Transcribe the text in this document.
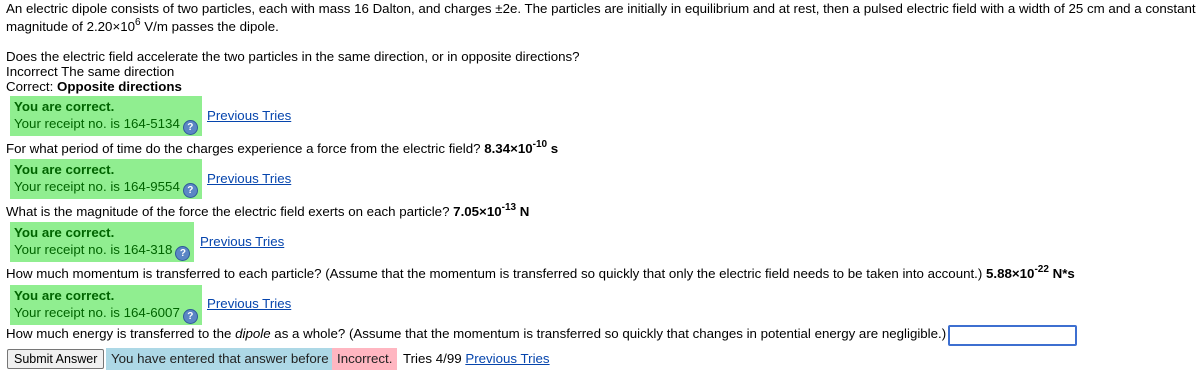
An electric dipole consists of two particles, each with mass 16 Dalton, and charges ±2e. The particles are initially in equilibrium and at rest, then a pulsed electric field with a width of 25 cm and a constant
magnitude of $2.20\times 10^6$ V/m passes the dipole.
Does the electric field accelerate the two particles in the same direction, or in opposite directions?
Incorrect The same direction
Correct: Opposite directions
You are correct.
Your receipt no. is 164-5134 ?
Previous Tries
For what period of time do the charges experience a force from the electric field? $8.34\times 10^{-10}$ s
You are correct.
Your receipt no. is 164-9554 ?
Previous Tries
What is the magnitude of the force the electric field exerts on each particle? $7.05\times 10^{-13}$ N
You are correct.
Your receipt no. is 164-318 ?
Previous Tries
How much momentum is transferred to each particle? (Assume that the momentum is transferred so quickly that only the electric field needs to be taken into account.) $5.88\times 10^{-22}$ N*s
You are correct.
Your receipt no. is 164-6007 ?
Previous Tries
How much energy is transferred to the dipole as a whole? (Assume that the momentum is transferred so quickly that changes in potential energy are negligible.)
Submit Answer	You have entered that answer before Incorrect. Tries 4/99 Previous Tries
